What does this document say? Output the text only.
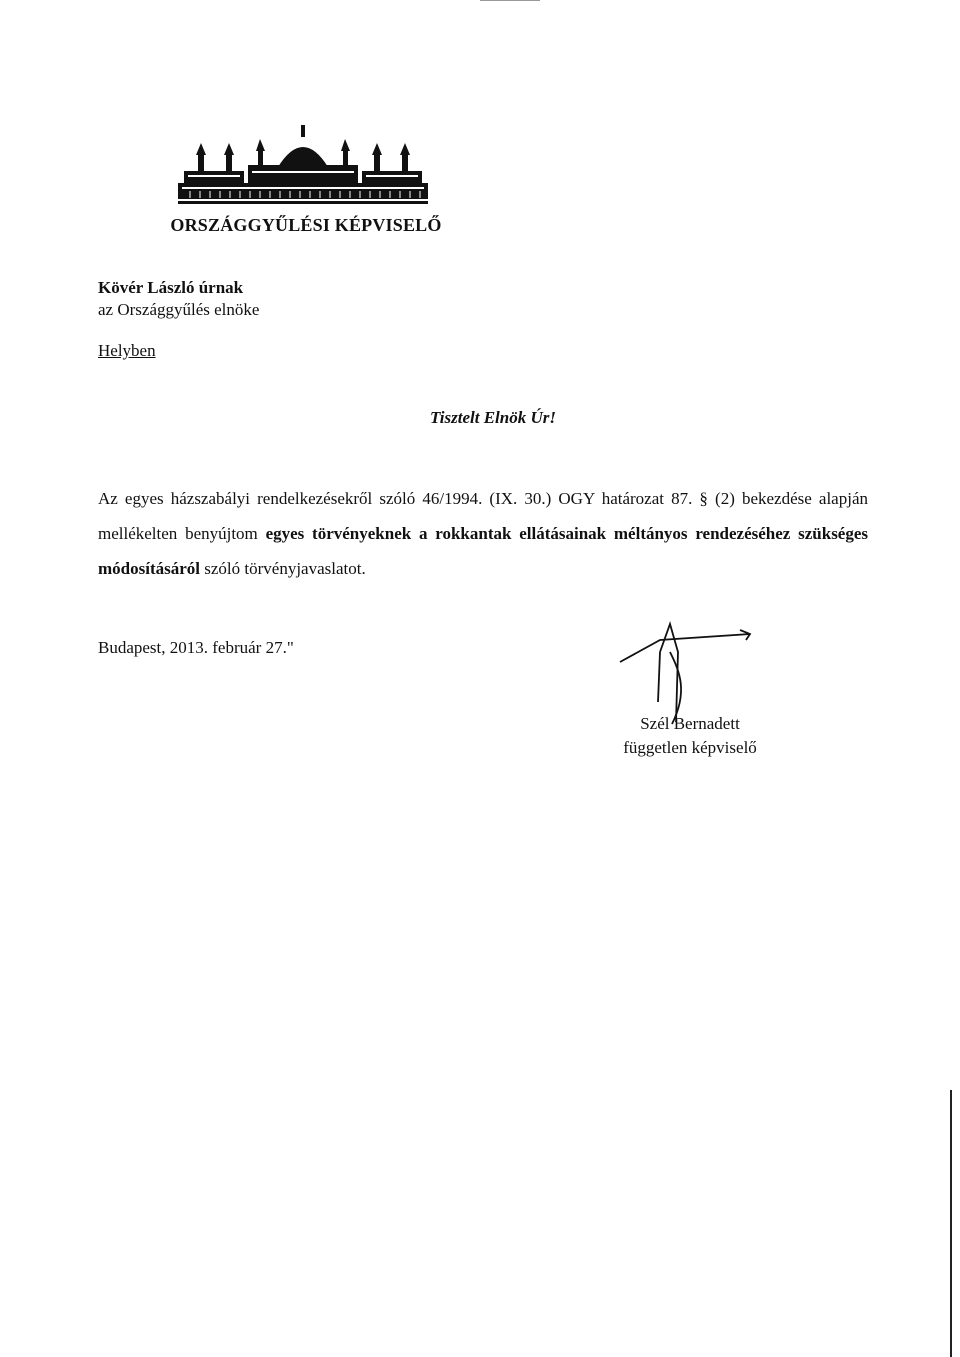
ORSZÁGGYŰLÉSI KÉPVISELŐ
Kövér László úrnak
az Országgyűlés elnöke
Helyben
Tisztelt Elnök Úr!
Az egyes házszabályi rendelkezésekről szóló 46/1994. (IX. 30.) OGY határozat 87. § (2) bekezdése alapján mellékelten benyújtom egyes törvényeknek a rokkantak ellátásainak méltányos rendezéséhez szükséges módosításáról szóló törvényjavaslatot.
Budapest, 2013. február 27."
Szél Bernadett
független képviselő
